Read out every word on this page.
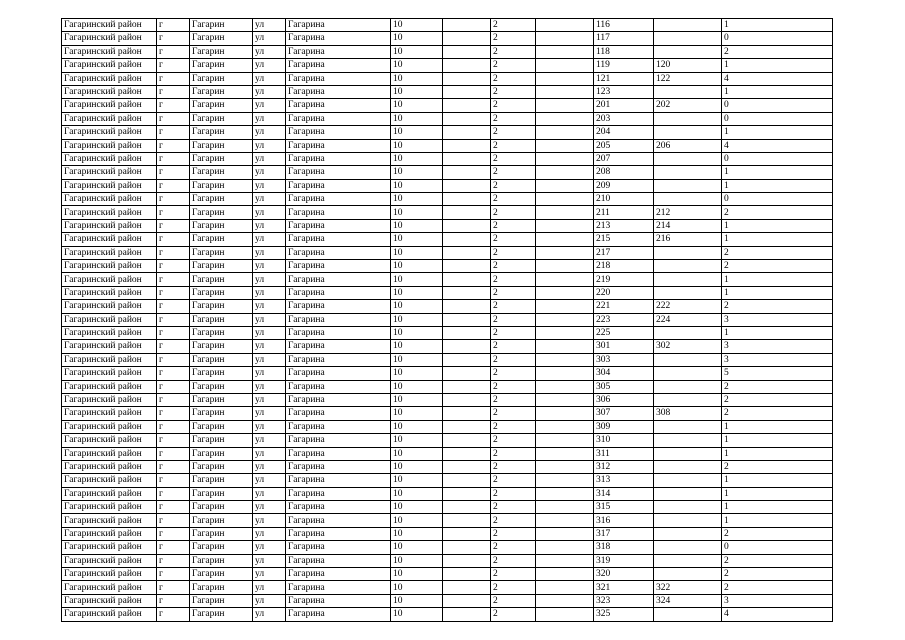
Гагаринский район	г	Гагарин	ул	Гагарина	10		2		116		1
Гагаринский район	г	Гагарин	ул	Гагарина	10		2		117		0
Гагаринский район	г	Гагарин	ул	Гагарина	10		2		118		2
Гагаринский район	г	Гагарин	ул	Гагарина	10		2		119	120	1
Гагаринский район	г	Гагарин	ул	Гагарина	10		2		121	122	4
Гагаринский район	г	Гагарин	ул	Гагарина	10		2		123		1
Гагаринский район	г	Гагарин	ул	Гагарина	10		2		201	202	0
Гагаринский район	г	Гагарин	ул	Гагарина	10		2		203		0
Гагаринский район	г	Гагарин	ул	Гагарина	10		2		204		1
Гагаринский район	г	Гагарин	ул	Гагарина	10		2		205	206	4
Гагаринский район	г	Гагарин	ул	Гагарина	10		2		207		0
Гагаринский район	г	Гагарин	ул	Гагарина	10		2		208		1
Гагаринский район	г	Гагарин	ул	Гагарина	10		2		209		1
Гагаринский район	г	Гагарин	ул	Гагарина	10		2		210		0
Гагаринский район	г	Гагарин	ул	Гагарина	10		2		211	212	2
Гагаринский район	г	Гагарин	ул	Гагарина	10		2		213	214	1
Гагаринский район	г	Гагарин	ул	Гагарина	10		2		215	216	1
Гагаринский район	г	Гагарин	ул	Гагарина	10		2		217		2
Гагаринский район	г	Гагарин	ул	Гагарина	10		2		218		2
Гагаринский район	г	Гагарин	ул	Гагарина	10		2		219		1
Гагаринский район	г	Гагарин	ул	Гагарина	10		2		220		1
Гагаринский район	г	Гагарин	ул	Гагарина	10		2		221	222	2
Гагаринский район	г	Гагарин	ул	Гагарина	10		2		223	224	3
Гагаринский район	г	Гагарин	ул	Гагарина	10		2		225		1
Гагаринский район	г	Гагарин	ул	Гагарина	10		2		301	302	3
Гагаринский район	г	Гагарин	ул	Гагарина	10		2		303		3
Гагаринский район	г	Гагарин	ул	Гагарина	10		2		304		5
Гагаринский район	г	Гагарин	ул	Гагарина	10		2		305		2
Гагаринский район	г	Гагарин	ул	Гагарина	10		2		306		2
Гагаринский район	г	Гагарин	ул	Гагарина	10		2		307	308	2
Гагаринский район	г	Гагарин	ул	Гагарина	10		2		309		1
Гагаринский район	г	Гагарин	ул	Гагарина	10		2		310		1
Гагаринский район	г	Гагарин	ул	Гагарина	10		2		311		1
Гагаринский район	г	Гагарин	ул	Гагарина	10		2		312		2
Гагаринский район	г	Гагарин	ул	Гагарина	10		2		313		1
Гагаринский район	г	Гагарин	ул	Гагарина	10		2		314		1
Гагаринский район	г	Гагарин	ул	Гагарина	10		2		315		1
Гагаринский район	г	Гагарин	ул	Гагарина	10		2		316		1
Гагаринский район	г	Гагарин	ул	Гагарина	10		2		317		2
Гагаринский район	г	Гагарин	ул	Гагарина	10		2		318		0
Гагаринский район	г	Гагарин	ул	Гагарина	10		2		319		2
Гагаринский район	г	Гагарин	ул	Гагарина	10		2		320		2
Гагаринский район	г	Гагарин	ул	Гагарина	10		2		321	322	2
Гагаринский район	г	Гагарин	ул	Гагарина	10		2		323	324	3
Гагаринский район	г	Гагарин	ул	Гагарина	10		2		325		4
